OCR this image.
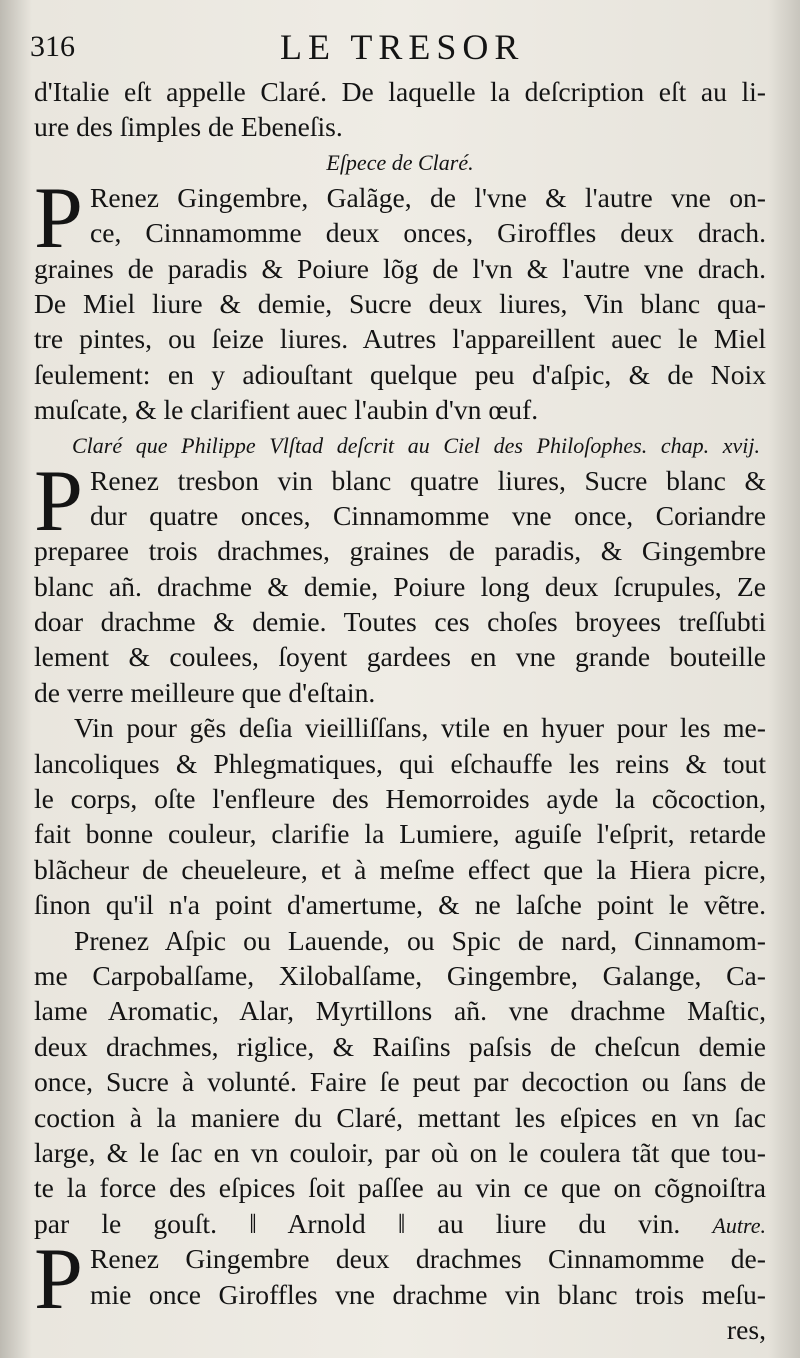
316	LE TRESOR
d'Italie eſt appelle Claré. De laquelle la deſcription eſt au li-
ure des ſimples de Ebeneſis.
Eſpece de Claré.
P Renez Gingembre, Galãge, de l'vne & l'autre vne on-
ce, Cinnamomme deux onces, Giroffles deux drach.
graines de paradis & Poiure lõg de l'vn & l'autre vne drach.
De Miel liure & demie, Sucre deux liures, Vin blanc qua-
tre pintes, ou ſeize liures. Autres l'appareillent auec le Miel
ſeulement: en y adiouſtant quelque peu d'aſpic, & de Noix
muſcate, & le clarifient auec l'aubin d'vn œuf.
Claré que Philippe Vlſtad deſcrit au Ciel des Philoſophes. chap. xvij.
P Renez tresbon vin blanc quatre liures, Sucre blanc &
dur quatre onces, Cinnamomme vne once, Coriandre
preparee trois drachmes, graines de paradis, & Gingembre
blanc añ. drachme & demie, Poiure long deux ſcrupules, Ze
doar drachme & demie. Toutes ces choſes broyees treſſubti
lement & coulees, ſoyent gardees en vne grande bouteille
de verre meilleure que d'eſtain.
Vin pour gẽs deſia vieilliſſans, vtile en hyuer pour les me-
lancoliques & Phlegmatiques, qui eſchauffe les reins & tout
le corps, oſte l'enfleure des Hemorroides ayde la cõcoction,
fait bonne couleur, clarifie la Lumiere, aguiſe l'eſprit, retarde
blãcheur de cheueleure, et à meſme effect que la Hiera picre,
ſinon qu'il n'a point d'amertume, & ne laſche point le vẽtre.
Prenez Aſpic ou Lauende, ou Spic de nard, Cinnamom-
me Carpobalſame, Xilobalſame, Gingembre, Galange, Ca-
lame Aromatic, Alar, Myrtillons añ. vne drachme Maſtic,
deux drachmes, riglice, & Raiſins paſsis de cheſcun demie
once, Sucre à volunté. Faire ſe peut par decoction ou ſans de
coction à la maniere du Claré, mettant les eſpices en vn ſac
large, & le ſac en vn couloir, par où on le coulera tãt que tou-
te la force des eſpices ſoit paſſee au vin ce que on cõgnoiſtra
par le gouſt. ‖ Arnold ‖ au liure du vin. Autre.
P Renez Gingembre deux drachmes Cinnamomme de-
mie once Giroffles vne drachme vin blanc trois meſu-
res,
